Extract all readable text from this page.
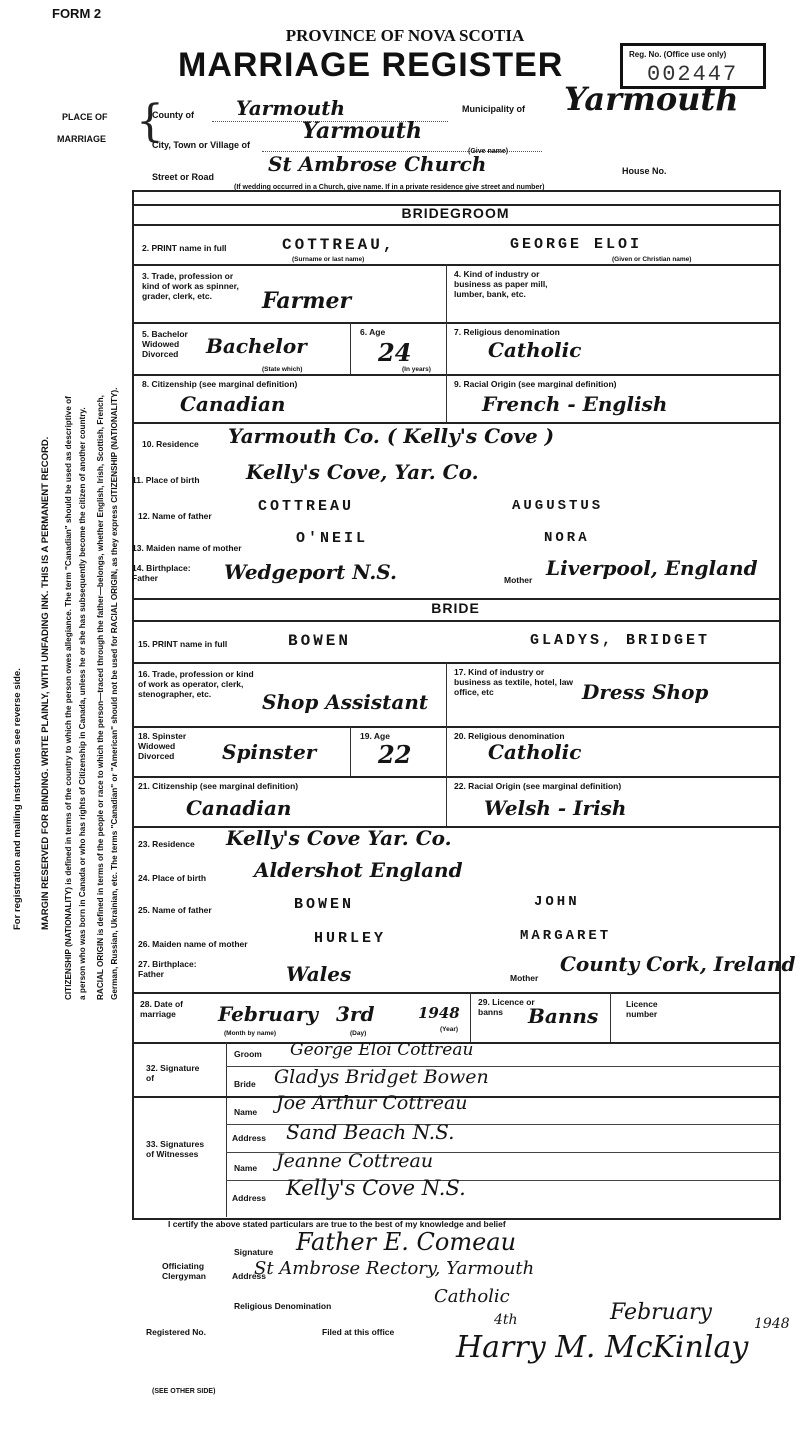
FORM 2
PROVINCE OF NOVA SCOTIA
MARRIAGE REGISTER	Reg. No. (Office use only)
002447
PLACE OF
MARRIAGE {
County of Yarmouth	Municipality of Yarmouth
City, Town or Village of
Yarmouth
(Give name)
Street or Road
St Ambrose Church	House No.
(If wedding occurred in a Church, give name. If in a private residence give street and number)
BRIDEGROOM
2. PRINT name in full	COTTREAU,	GEORGE ELOI
(Surname or last name)	(Given or Christian name)
3. Trade, profession or kind of work as spinner, grader, clerk, etc.	Farmer
4. Kind of industry or business as paper mill, lumber, bank, etc.
5. Bachelor Widowed Divorced	Bachelor
(State which)
6. Age
24
(In years)
7. Religious denomination
Catholic
8. Citizenship (see marginal definition)
Canadian
9. Racial Origin (see marginal definition)
French - English
10. Residence Yarmouth Co. ( Kelly's Cove )
11. Place of birth Kelly's Cove, Yar. Co.
12. Name of father
COTTREAU	AUGUSTUS
13. Maiden name of mother
O'NEIL	NORA
14. Birthplace: Father	Wedgeport N.S.	Mother Liverpool, England
BRIDE
15. PRINT name in full	BOWEN	GLADYS, BRIDGET
16. Trade, profession or kind of work as operator, clerk, stenographer, etc.	Shop Assistant
17. Kind of industry or business as textile, hotel, law office, etc	Dress Shop
18. Spinster Widowed Divorced	Spinster
19. Age
22
20. Religious denomination
Catholic
21. Citizenship (see marginal definition)
Canadian
22. Racial Origin (see marginal definition)
Welsh - Irish
23. Residence Kelly's Cove Yar. Co.
24. Place of birth Aldershot England
25. Name of father	BOWEN	JOHN
26. Maiden name of mother	HURLEY	MARGARET
27. Birthplace: Father	Wales	Mother
County Cork, Ireland
28. Date of marriage	February 3rd	1948
(Month by name)	(Day)
(Year)
29. Licence or banns	Banns	Licence number
32. Signature of
Groom George Eloi Cottreau
Bride Gladys Bridget Bowen
33. Signatures of Witnesses
Name Joe Arthur Cottreau
Address Sand Beach N.S.
Name Jeanne Cottreau
Address Kelly's Cove N.S.
I certify the above stated particulars are true to the best of my knowledge and belief
Signature Father E. Comeau
Officiating Clergyman	Address
St Ambrose Rectory, Yarmouth
Religious Denomination	Catholic
Registered No.	Filed at this office
4th	February	1948
Harry M. McKinlay
(SEE OTHER SIDE)
For registration and mailing instructions see reverse side. MARGIN RESERVED FOR BINDING. WRITE PLAINLY, WITH UNFADING INK. THIS IS A PERMANENT RECORD. CITIZENSHIP (NATIONALITY) is defined in terms of the country to which the person owes allegiance. The term "Canadian" should be used as descriptive of a person who was born in Canada or who has rights of Citizenship in Canada, unless he or she has subsequently become the citizen of another country. RACIAL ORIGIN is defined in terms of the people or race to which the person—traced through the father—belongs, whether English, Irish, Scottish, French, German, Russian, Ukrainian, etc. The terms "Canadian" or "American" should not be used for RACIAL ORIGIN, as they express CITIZENSHIP (NATIONALITY).
